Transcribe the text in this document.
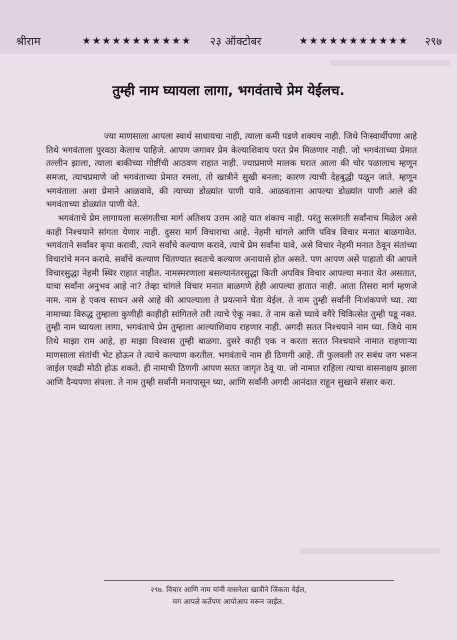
श्रीराम	★★★★★★★★★★★ २३ ऑक्टोबर	★★★★★★★★★★★ २९७
तुम्ही नाम घ्यायला लागा, भगवंताचे प्रेम येईलच.

ज्या माणसाला आपला स्वार्थ साधायचा नाही, त्याला कमी पडणे शक्यच नाही. जिथे निःस्वार्थीपणा आहे तिथे भगवंताला पुरवठा केलाच पाहिजे. आपण जगावर प्रेम केल्याशिवाय परत प्रेम मिळणार नाही. जो भगवंताच्या प्रेमात तल्लीन झाला, त्याला बाकीच्या गोष्टींची आठवण राहात नाही. ज्याप्रमाणे मालक घरात आला की चोर पळालाच म्हणून समजा, त्याचप्रमाणे जो भगवंताच्या प्रेमात रमला, तो खात्रीने सुखी बनला; कारण त्याची देहबुद्धी पळून जाते. म्हणून भगवंताला अशा प्रेमाने आळवावे, की त्याच्या डोळ्यांत पाणी यावे. आळवताना आपल्या डोळ्यांत पाणी आले की भगवंताच्या डोळ्यांत पाणी येते.

भगवंताचे प्रेम लागायला सत्संगतीचा मार्ग अतिशय उत्तम आहे यात शंकाच नाही. परंतु सत्संगती सर्वांनाच मिळेल असे काही निश्चयाने सांगता येणार नाही. दुसरा मार्ग विचाराचा आहे. नेहमी चांगले आणि पवित्र विचार मनात बाळगावेत. भगवंताने सर्वांवर कृपा करावी, त्याने सर्वांचे कल्याण करावे, त्याचे प्रेम सर्वांना यावे, असे विचार नेहमी मनात ठेवून संतांच्या विचारांचे मनन करावे. सर्वांचे कल्याण चिंतण्यात स्वतःचे कल्याण अनायासे होत असते. पण आपण असे पाहातो की आपले विचारसुद्धा नेहमी स्थिर राहात नाहीत. नामस्मरणाला बसल्यानंतरसुद्धा किती अपवित्र विचार आपल्या मनात येत असतात, याचा सर्वांना अनुभव आहे ना? तेव्हा चांगले विचार मनात बाळगणे हेही आपल्या हातात नाही. आता तिसरा मार्ग म्हणजे नाम. नाम हे एकच साधन असे आहे की आपल्याला ते प्रयत्नाने घेता येईल. ते नाम तुम्ही सर्वांनी निःशंकपणे घ्या. त्या नामाच्या विरुद्ध तुम्हाला कुणीही काहीही सांगितले तरी त्याचे ऐकू नका. ते नाम कसे घ्यावे वगैरे चिकित्सेत तुम्ही पडू नका. तुम्ही नाम घ्यायला लागा, भगवंताचे प्रेम तुम्हाला आल्याशिवाय राहणार नाही. अगदी सतत निश्चयाने नाम घ्या. जिथे नाम तिथे माझा राम आहे, हा माझा विश्वास तुम्ही बाळगा. दुसरे काही एक न करता सतत निश्चयाने नामात राहणाऱ्या माणसाला संतांची भेट होऊन ते त्याचे कल्याण करतील. भगवंताचे नाम ही ठिणगी आहे. ती फुलवली तर सबंध जग भरून जाईल एवढी मोठी होऊ शकते. ही नामाची ठिणगी आपण सतत जागृत ठेवू या. जो नामात राहिला त्याचा वासनाक्षय झाला आणि दैन्यपणा संपला. ते नाम तुम्ही सर्वांनी मनापासून घ्या, आणि सर्वांनी अगदी आनंदात राहून सुखाने संसार करा.

२९७. विचार आणि नाम यांनी वासनेला खात्रीने जिंकता येईल,
मग आपले कर्तेपण आपोआप मरून जाईल.
